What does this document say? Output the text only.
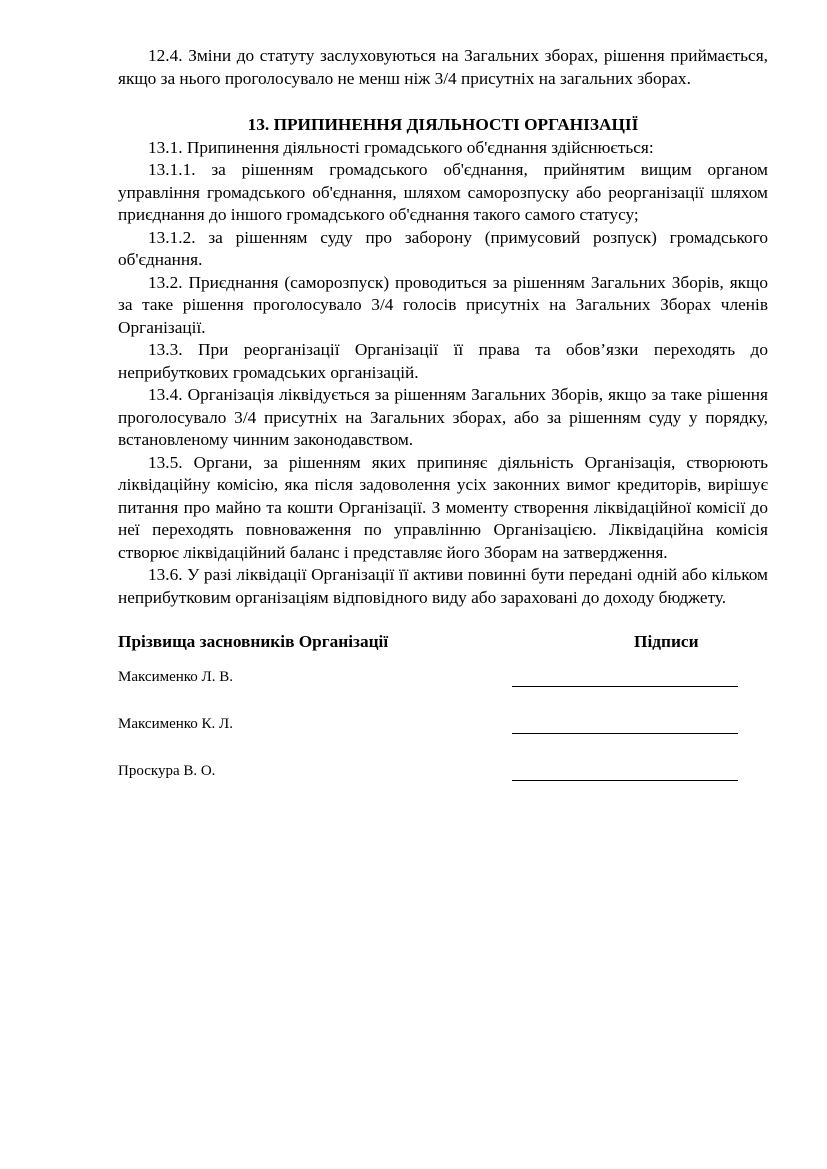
12.4. Зміни до статуту заслуховуються на Загальних зборах, рішення приймається, якщо за нього проголосувало не менш ніж 3/4 присутніх на загальних зборах.

13. ПРИПИНЕННЯ ДІЯЛЬНОСТІ ОРГАНІЗАЦІЇ

13.1. Припинення діяльності громадського об'єднання здійснюється:

13.1.1. за рішенням громадського об'єднання, прийнятим вищим органом управління громадського об'єднання, шляхом саморозпуску або реорганізації шляхом приєднання до іншого громадського об'єднання такого самого статусу;

13.1.2. за рішенням суду про заборону (примусовий розпуск) громадського об'єднання.

13.2. Приєднання (саморозпуск) проводиться за рішенням Загальних Зборів, якщо за таке рішення проголосувало 3/4 голосів присутніх на Загальних Зборах членів Організації.

13.3. При реорганізації Організації її права та обов’язки переходять до неприбуткових громадських організацій.

13.4. Організація ліквідується за рішенням Загальних Зборів, якщо за таке рішення проголосувало 3/4 присутніх на Загальних зборах, або за рішенням суду у порядку, встановленому чинним законодавством.

13.5. Органи, за рішенням яких припиняє діяльність Організація, створюють ліквідаційну комісію, яка після задоволення усіх законних вимог кредиторів, вирішує питання про майно та кошти Організації. З моменту створення ліквідаційної комісії до неї переходять повноваження по управлінню Організацією. Ліквідаційна комісія створює ліквідаційний баланс і представляє його Зборам на затвердження.

13.6. У разі ліквідації Організації її активи повинні бути передані одній або кільком неприбутковим організаціям відповідного виду або зараховані до доходу бюджету.

Прізвища засновників Організації	Підписи
Максименко Л. В.
Максименко К. Л.
Проскура В. О.
